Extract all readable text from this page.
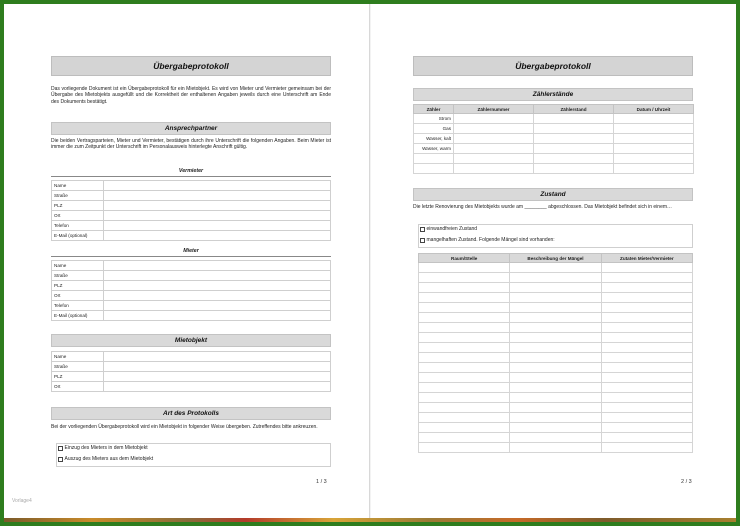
Übergabeprotokoll
Das vorliegende Dokument ist ein Übergabeprotokoll für ein Mietobjekt. Es wird von Mieter und Vermieter gemeinsam bei der Übergabe des Mietobjekts ausgefüllt und die Korrektheit der enthaltenen Angaben jeweils durch eine Unterschrift am Ende des Dokuments bestätigt.
Ansprechpartner
Die beiden Vertragsparteien, Mieter und Vermieter, bestätigen durch ihre Unterschrift die folgenden Angaben. Beim Mieter ist immer die zum Zeitpunkt der Unterschrift im Personalausweis hinterlegte Anschrift gültig.
Vermieter
Name	
Straße	
PLZ	
Ort	
Telefon	
E-Mail (optional)	
Mieter
Name	
Straße	
PLZ	
Ort	
Telefon	
E-Mail (optional)	
Mietobjekt
Name	
Straße	
PLZ	
Ort	
Art des Protokolls
Bei der vorliegenden Übergabeprotokoll wird ein Mietobjekt in folgender Weise übergeben. Zutreffendes bitte ankreuzen.
Einzug des Mieters in dem Mietobjekt
Auszug des Mieters aus dem Mietobjekt
1 / 3
Vorlage4
Übergabeprotokoll
Zählerstände
Zähler	Zählernummer	Zählerstand	Datum / Uhrzeit
Strom			
Gas			
Wasser, kalt			
Wasser, warm			

Zustand
Die letzte Renovierung des Mietobjekts wurde am ________ abgeschlossen. Das Mietobjekt befindet sich in einem…
einwandfreien Zustand
mangelhaften Zustand. Folgende Mängel sind vorhanden:
Raum/Stelle	Beschreibung der Mängel	Zutaten Mieter/Vermieter

2 / 3
